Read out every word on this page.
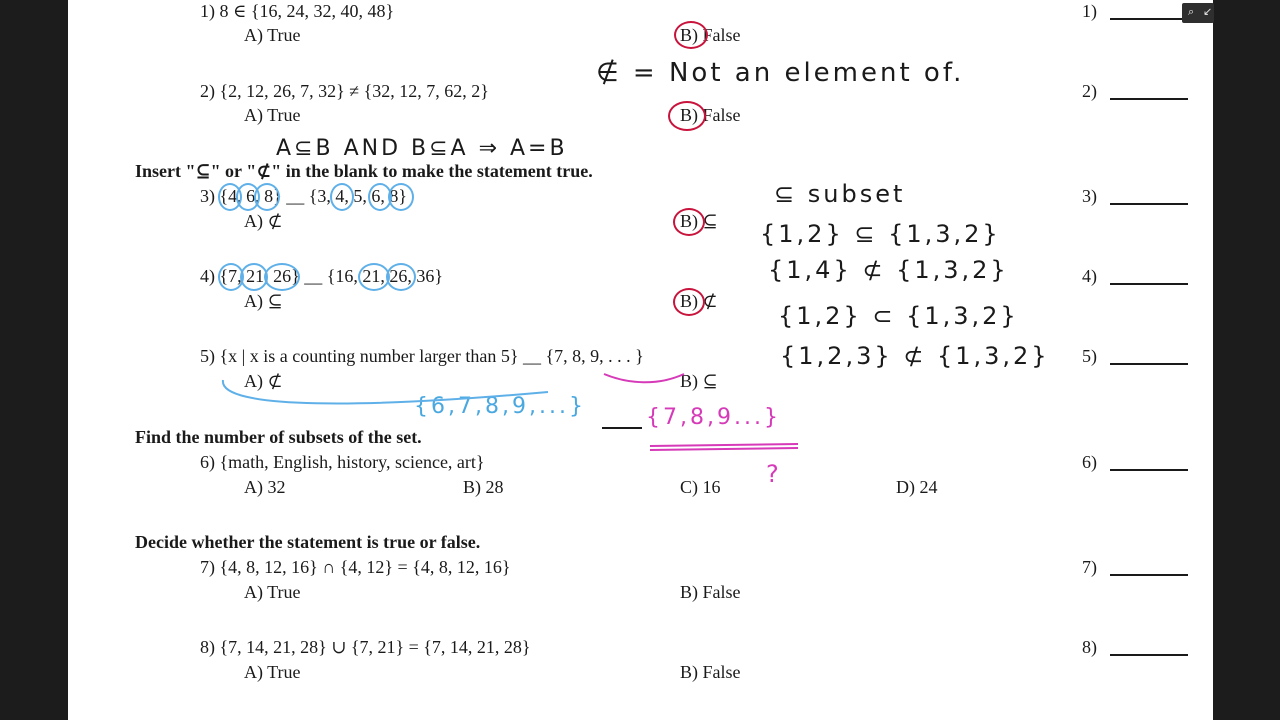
1) 8 ∈ {16, 24, 32, 40, 48}
A) True	B) False
2) {2, 12, 26, 7, 32} ≠ {32, 12, 7, 62, 2}
A) True	B) False
∉ = Not an element of.
A⊆B AND B⊆A ⇒ A=B
Insert "⊆" or "⊄" in the blank to make the statement true.
3) {4, 6, 8} __ {3, 4, 5, 6, 8}
A) ⊄	B) ⊆
⊆ subset
{1,2} ⊆ {1,3,2}
{1,4} ⊄ {1,3,2}
{1,2} ⊂ {1,3,2}
{1,2,3} ⊄ {1,3,2}
4) {7, 21, 26} __ {16, 21, 26, 36}
A) ⊆	B) ⊄
5) {x | x is a counting number larger than 5} __ {7, 8, 9, . . . }
A) ⊄	B) ⊆
{6,7,8,9,...}	{7,8,9...}
?
Find the number of subsets of the set.
6) {math, English, history, science, art}
A) 32	B) 28	C) 16	D) 24
Decide whether the statement is true or false.
7) {4, 8, 12, 16} ∩ {4, 12} = {4, 8, 12, 16}
A) True	B) False
8) {7, 14, 21, 28} ∪ {7, 21} = {7, 14, 21, 28}
A) True	B) False
1)
2)
3)
4)
5)
6)
7)
8)
⌕ ↙
